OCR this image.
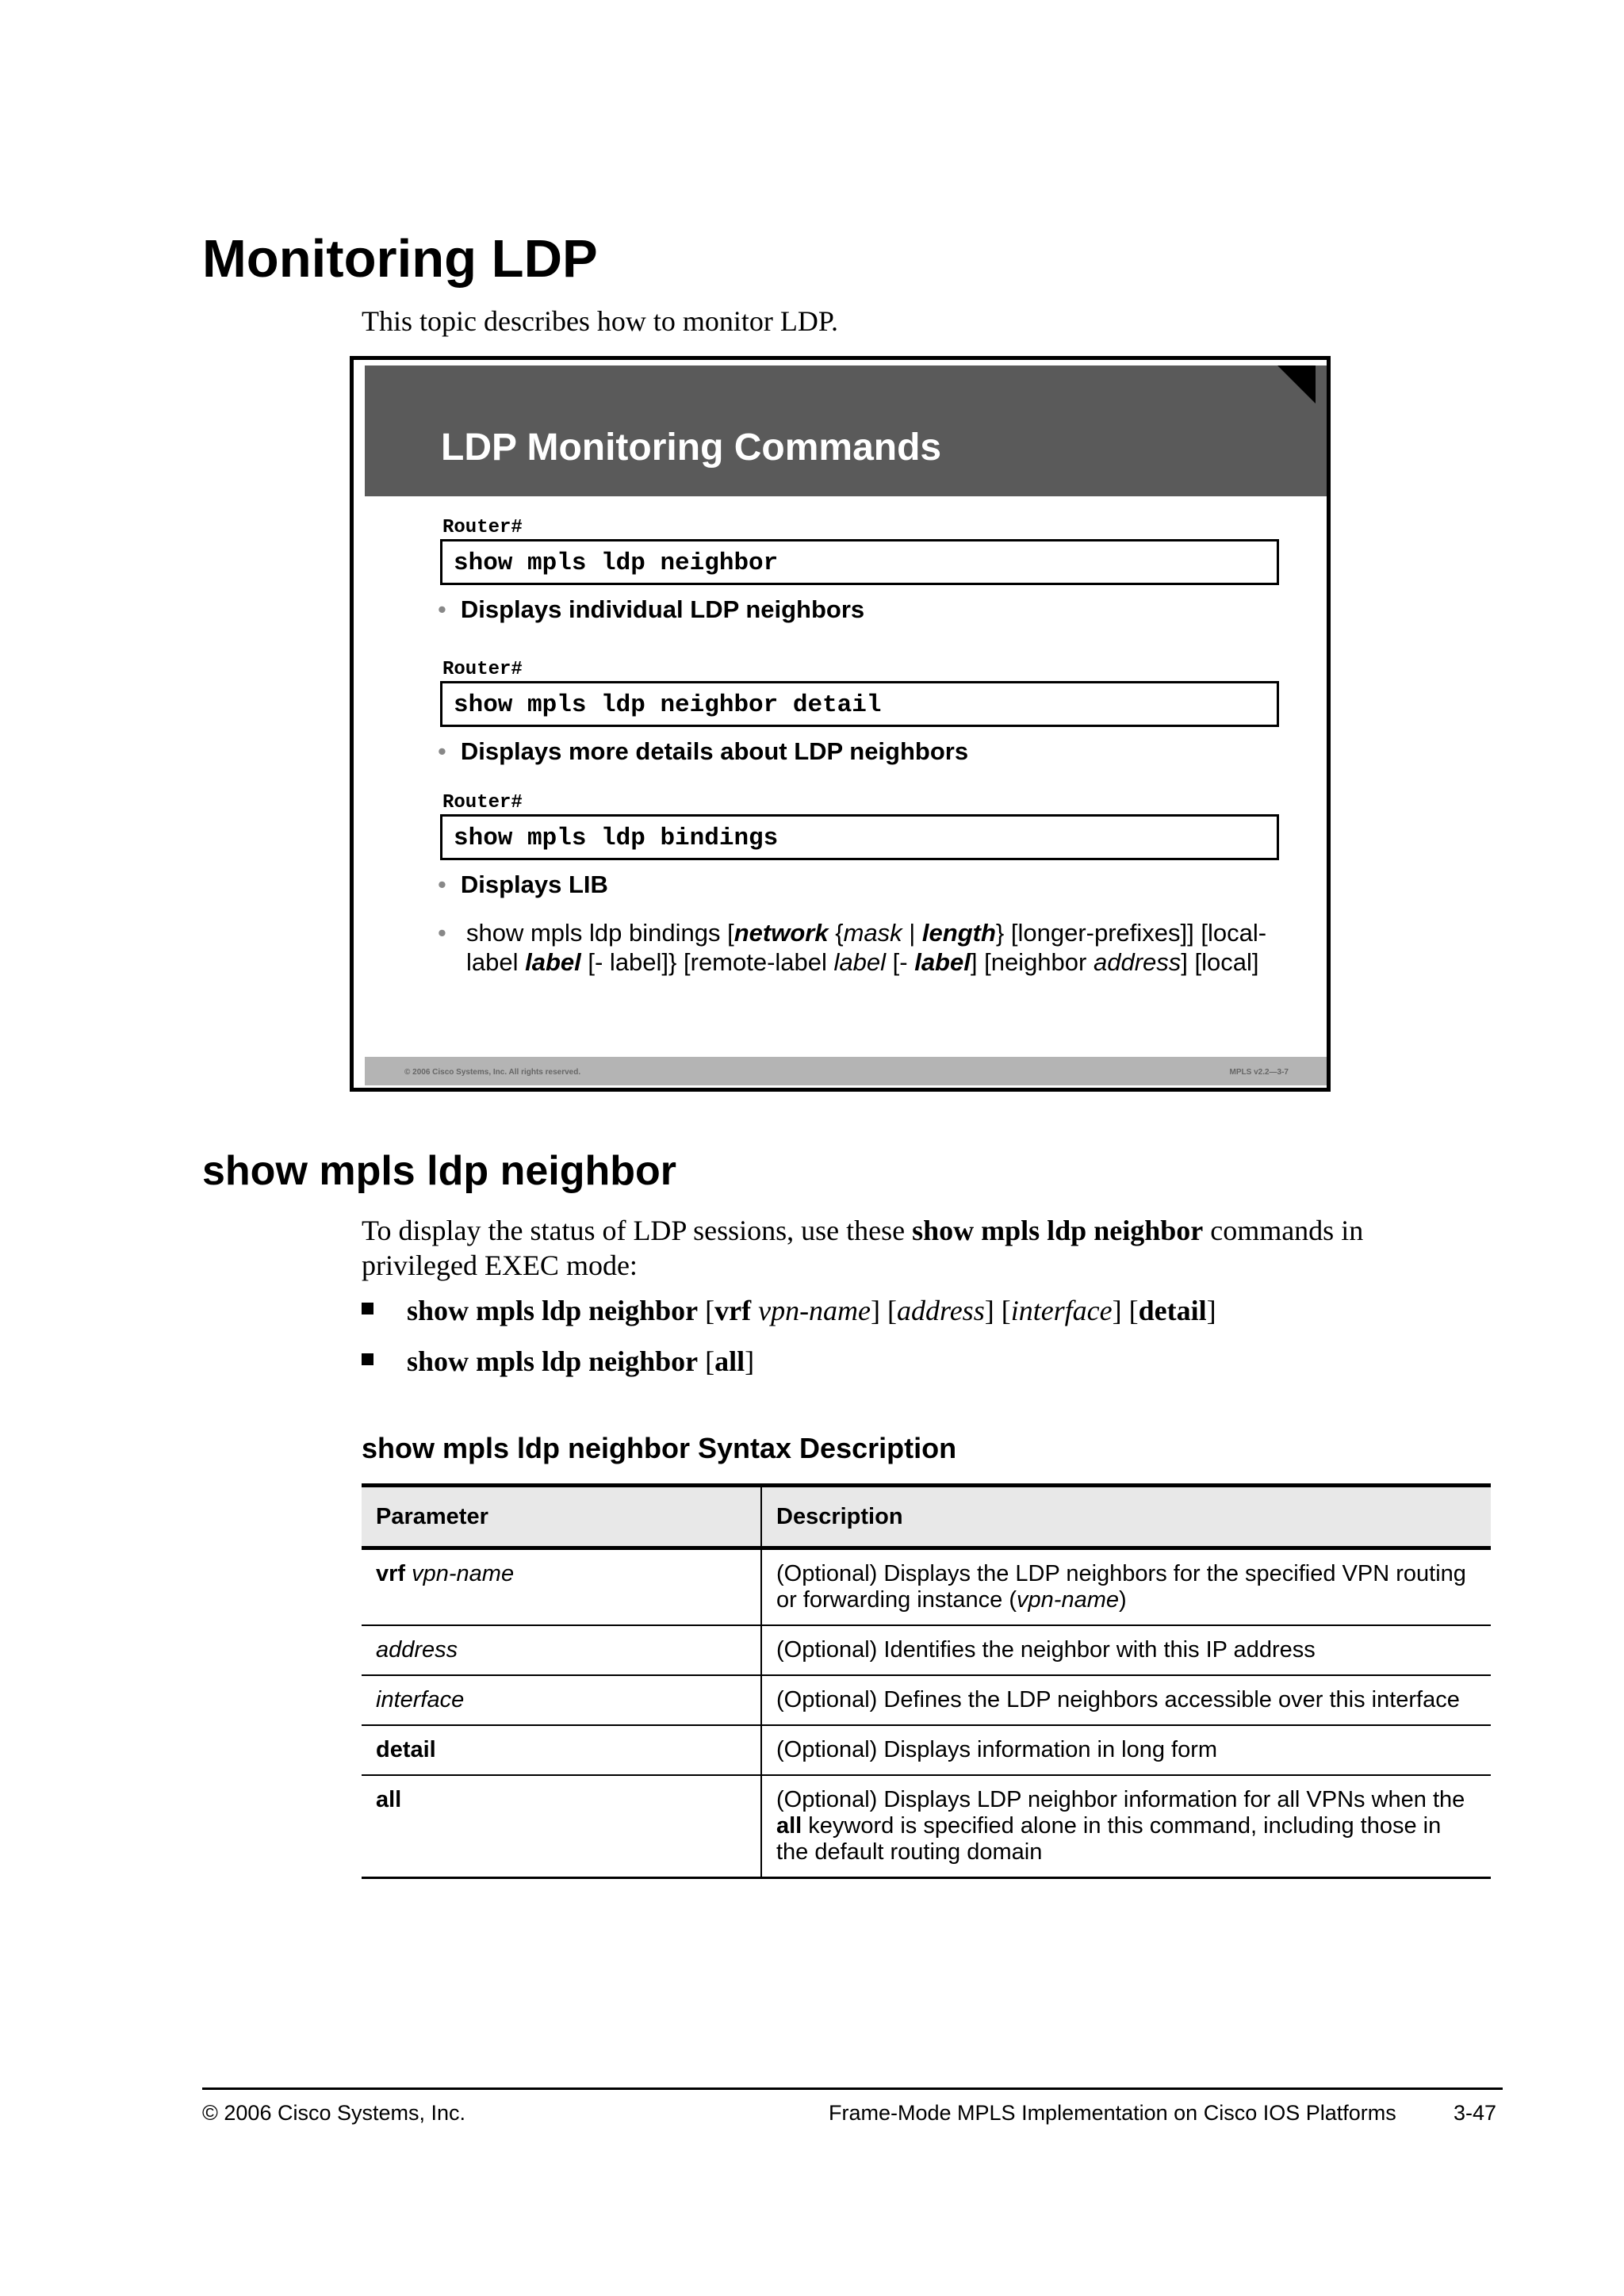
Monitoring LDP
This topic describes how to monitor LDP.
LDP Monitoring Commands
Router#
show mpls ldp neighbor
• Displays individual LDP neighbors
Router#
show mpls ldp neighbor detail
• Displays more details about LDP neighbors
Router#
show mpls ldp bindings
• Displays LIB
• show mpls ldp bindings [network {mask | length} [longer-prefixes]] [local-label label [- label]} [remote-label label [- label] [neighbor address] [local]
© 2006 Cisco Systems, Inc. All rights reserved.	MPLS v2.2—3-7
show mpls ldp neighbor
To display the status of LDP sessions, use these show mpls ldp neighbor commands in privileged EXEC mode:
show mpls ldp neighbor [vrf vpn-name] [address] [interface] [detail]
show mpls ldp neighbor [all]
show mpls ldp neighbor Syntax Description
Parameter	Description
vrf vpn-name	(Optional) Displays the LDP neighbors for the specified VPN routing or forwarding instance (vpn-name)
address	(Optional) Identifies the neighbor with this IP address
interface	(Optional) Defines the LDP neighbors accessible over this interface
detail	(Optional) Displays information in long form
all	(Optional) Displays LDP neighbor information for all VPNs when the all keyword is specified alone in this command, including those in the default routing domain
© 2006 Cisco Systems, Inc.	Frame-Mode MPLS Implementation on Cisco IOS Platforms	3-47
